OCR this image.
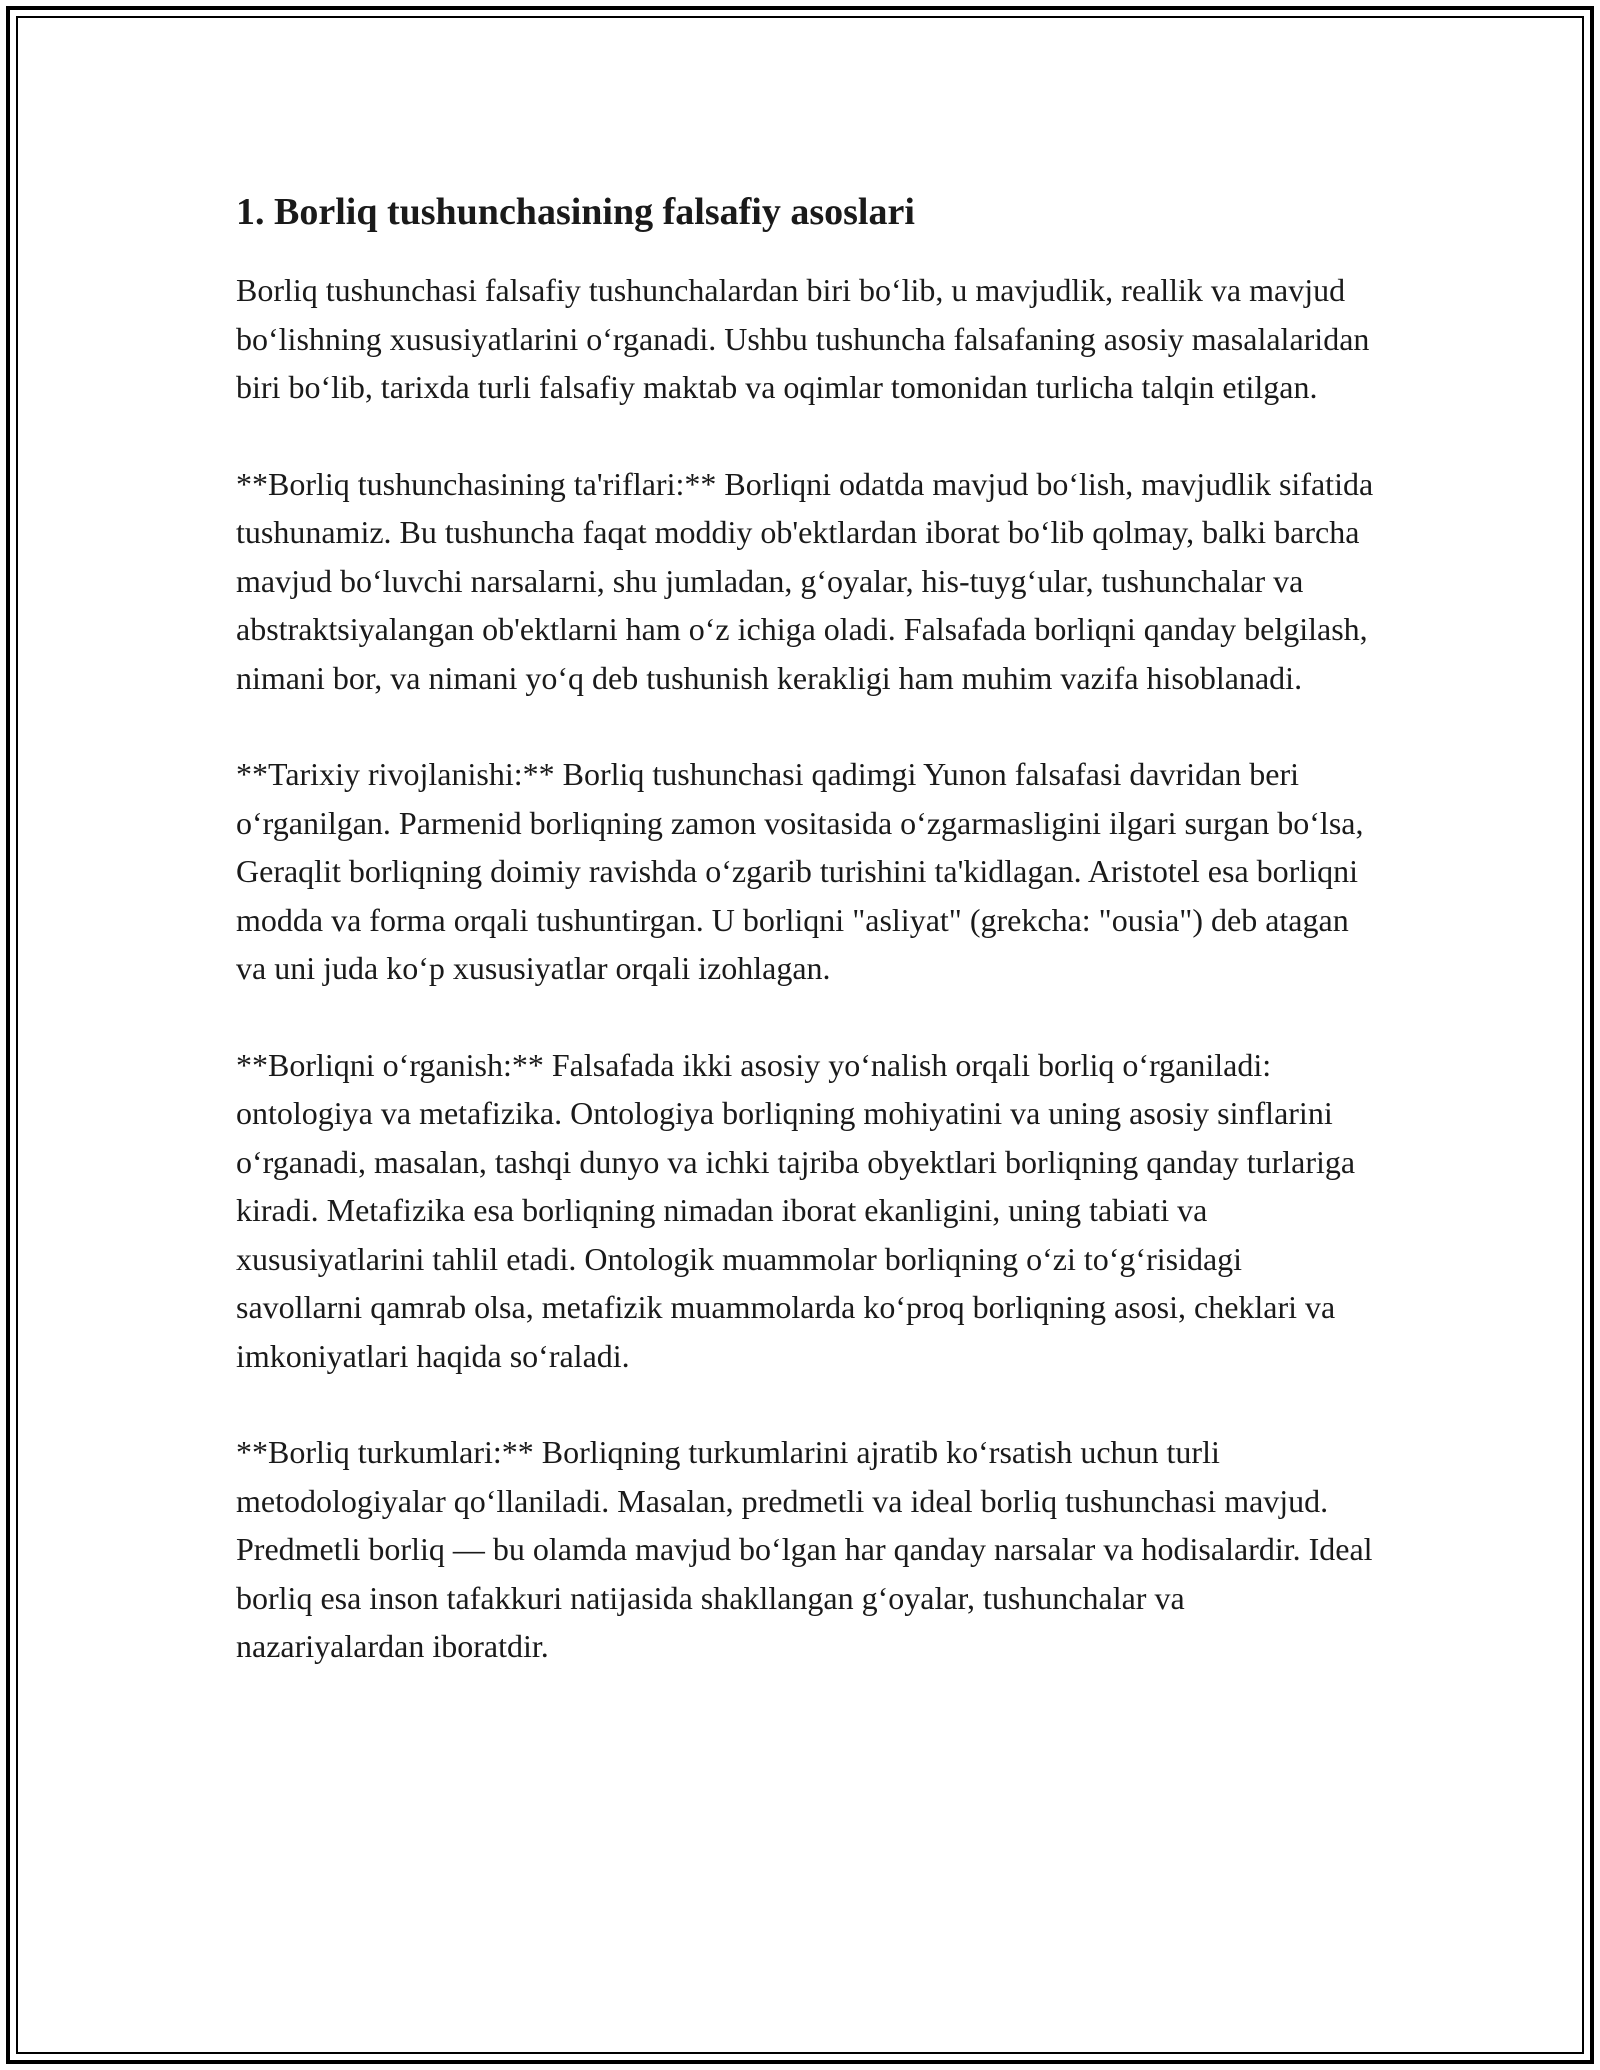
1. Borliq tushunchasining falsafiy asoslari

Borliq tushunchasi falsafiy tushunchalardan biri bo‘lib, u mavjudlik, reallik va mavjud bo‘lishning xususiyatlarini o‘rganadi. Ushbu tushuncha falsafaning asosiy masalalaridan biri bo‘lib, tarixda turli falsafiy maktab va oqimlar tomonidan turlicha talqin etilgan.

**Borliq tushunchasining ta'riflari:** Borliqni odatda mavjud bo‘lish, mavjudlik sifatida tushunamiz. Bu tushuncha faqat moddiy ob'ektlardan iborat bo‘lib qolmay, balki barcha mavjud bo‘luvchi narsalarni, shu jumladan, g‘oyalar, his-tuyg‘ular, tushunchalar va abstraktsiyalangan ob'ektlarni ham o‘z ichiga oladi. Falsafada borliqni qanday belgilash, nimani bor, va nimani yo‘q deb tushunish kerakligi ham muhim vazifa hisoblanadi.

**Tarixiy rivojlanishi:** Borliq tushunchasi qadimgi Yunon falsafasi davridan beri o‘rganilgan. Parmenid borliqning zamon vositasida o‘zgarmasligini ilgari surgan bo‘lsa, Geraqlit borliqning doimiy ravishda o‘zgarib turishini ta'kidlagan. Aristotel esa borliqni modda va forma orqali tushuntirgan. U borliqni "asliyat" (grekcha: "ousia") deb atagan va uni juda ko‘p xususiyatlar orqali izohlagan.

**Borliqni o‘rganish:** Falsafada ikki asosiy yo‘nalish orqali borliq o‘rganiladi: ontologiya va metafizika. Ontologiya borliqning mohiyatini va uning asosiy sinflarini o‘rganadi, masalan, tashqi dunyo va ichki tajriba obyektlari borliqning qanday turlariga kiradi. Metafizika esa borliqning nimadan iborat ekanligini, uning tabiati va xususiyatlarini tahlil etadi. Ontologik muammolar borliqning o‘zi to‘g‘risidagi savollarni qamrab olsa, metafizik muammolarda ko‘proq borliqning asosi, cheklari va imkoniyatlari haqida so‘raladi.

**Borliq turkumlari:** Borliqning turkumlarini ajratib ko‘rsatish uchun turli metodologiyalar qo‘llaniladi. Masalan, predmetli va ideal borliq tushunchasi mavjud. Predmetli borliq — bu olamda mavjud bo‘lgan har qanday narsalar va hodisalardir. Ideal borliq esa inson tafakkuri natijasida shakllangan g‘oyalar, tushunchalar va nazariyalardan iboratdir.
